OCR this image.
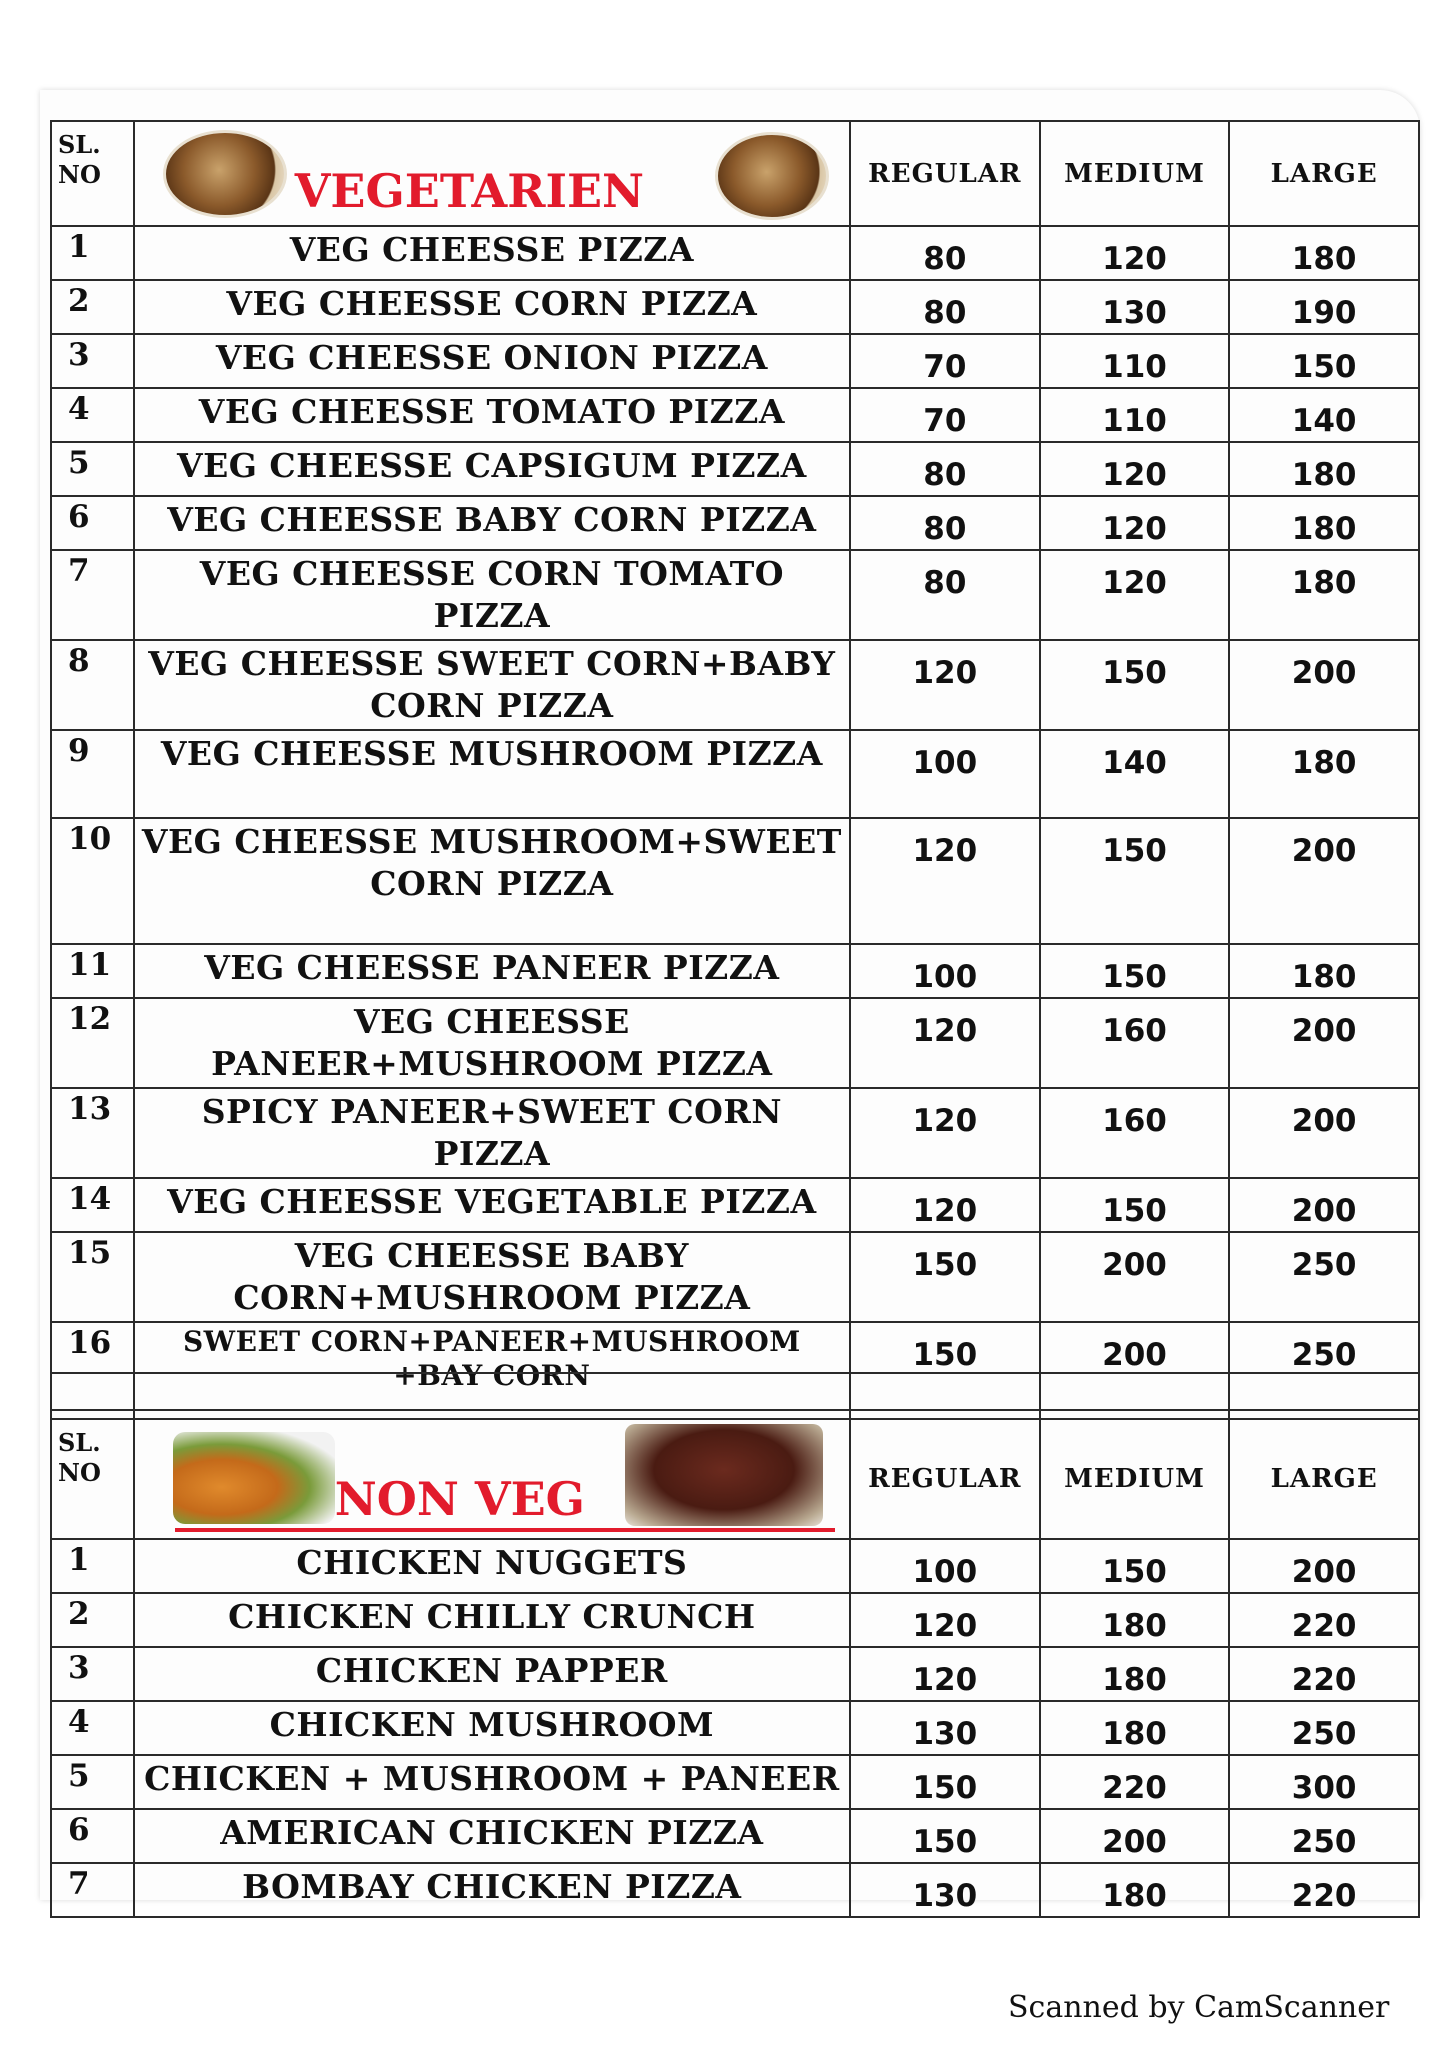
SL. NO	VEGETARIEN	REGULAR	MEDIUM	LARGE
1	VEG CHEESSE PIZZA	80	120	180
2	VEG CHEESSE CORN PIZZA	80	130	190
3	VEG CHEESSE ONION PIZZA	70	110	150
4	VEG CHEESSE TOMATO PIZZA	70	110	140
5	VEG CHEESSE CAPSIGUM PIZZA	80	120	180
6	VEG CHEESSE BABY CORN PIZZA	80	120	180
7	VEG CHEESSE CORN TOMATO PIZZA	80	120	180
8	VEG CHEESSE SWEET CORN+BABY CORN PIZZA	120	150	200
9	VEG CHEESSE MUSHROOM PIZZA	100	140	180
10	VEG CHEESSE MUSHROOM+SWEET CORN PIZZA	120	150	200
11	VEG CHEESSE PANEER PIZZA	100	150	180
12	VEG CHEESSE PANEER+MUSHROOM PIZZA	120	160	200
13	SPICY PANEER+SWEET CORN PIZZA	120	160	200
14	VEG CHEESSE VEGETABLE PIZZA	120	150	200
15	VEG CHEESSE BABY CORN+MUSHROOM PIZZA	150	200	250
16	SWEET CORN+PANEER+MUSHROOM +BAY CORN	150	200	250

SL. NO	NON VEG	REGULAR	MEDIUM	LARGE
1	CHICKEN NUGGETS	100	150	200
2	CHICKEN CHILLY CRUNCH	120	180	220
3	CHICKEN PAPPER	120	180	220
4	CHICKEN MUSHROOM	130	180	250
5	CHICKEN + MUSHROOM + PANEER	150	220	300
6	AMERICAN CHICKEN PIZZA	150	200	250
7	BOMBAY CHICKEN PIZZA	130	180	220
Scanned by CamScanner
